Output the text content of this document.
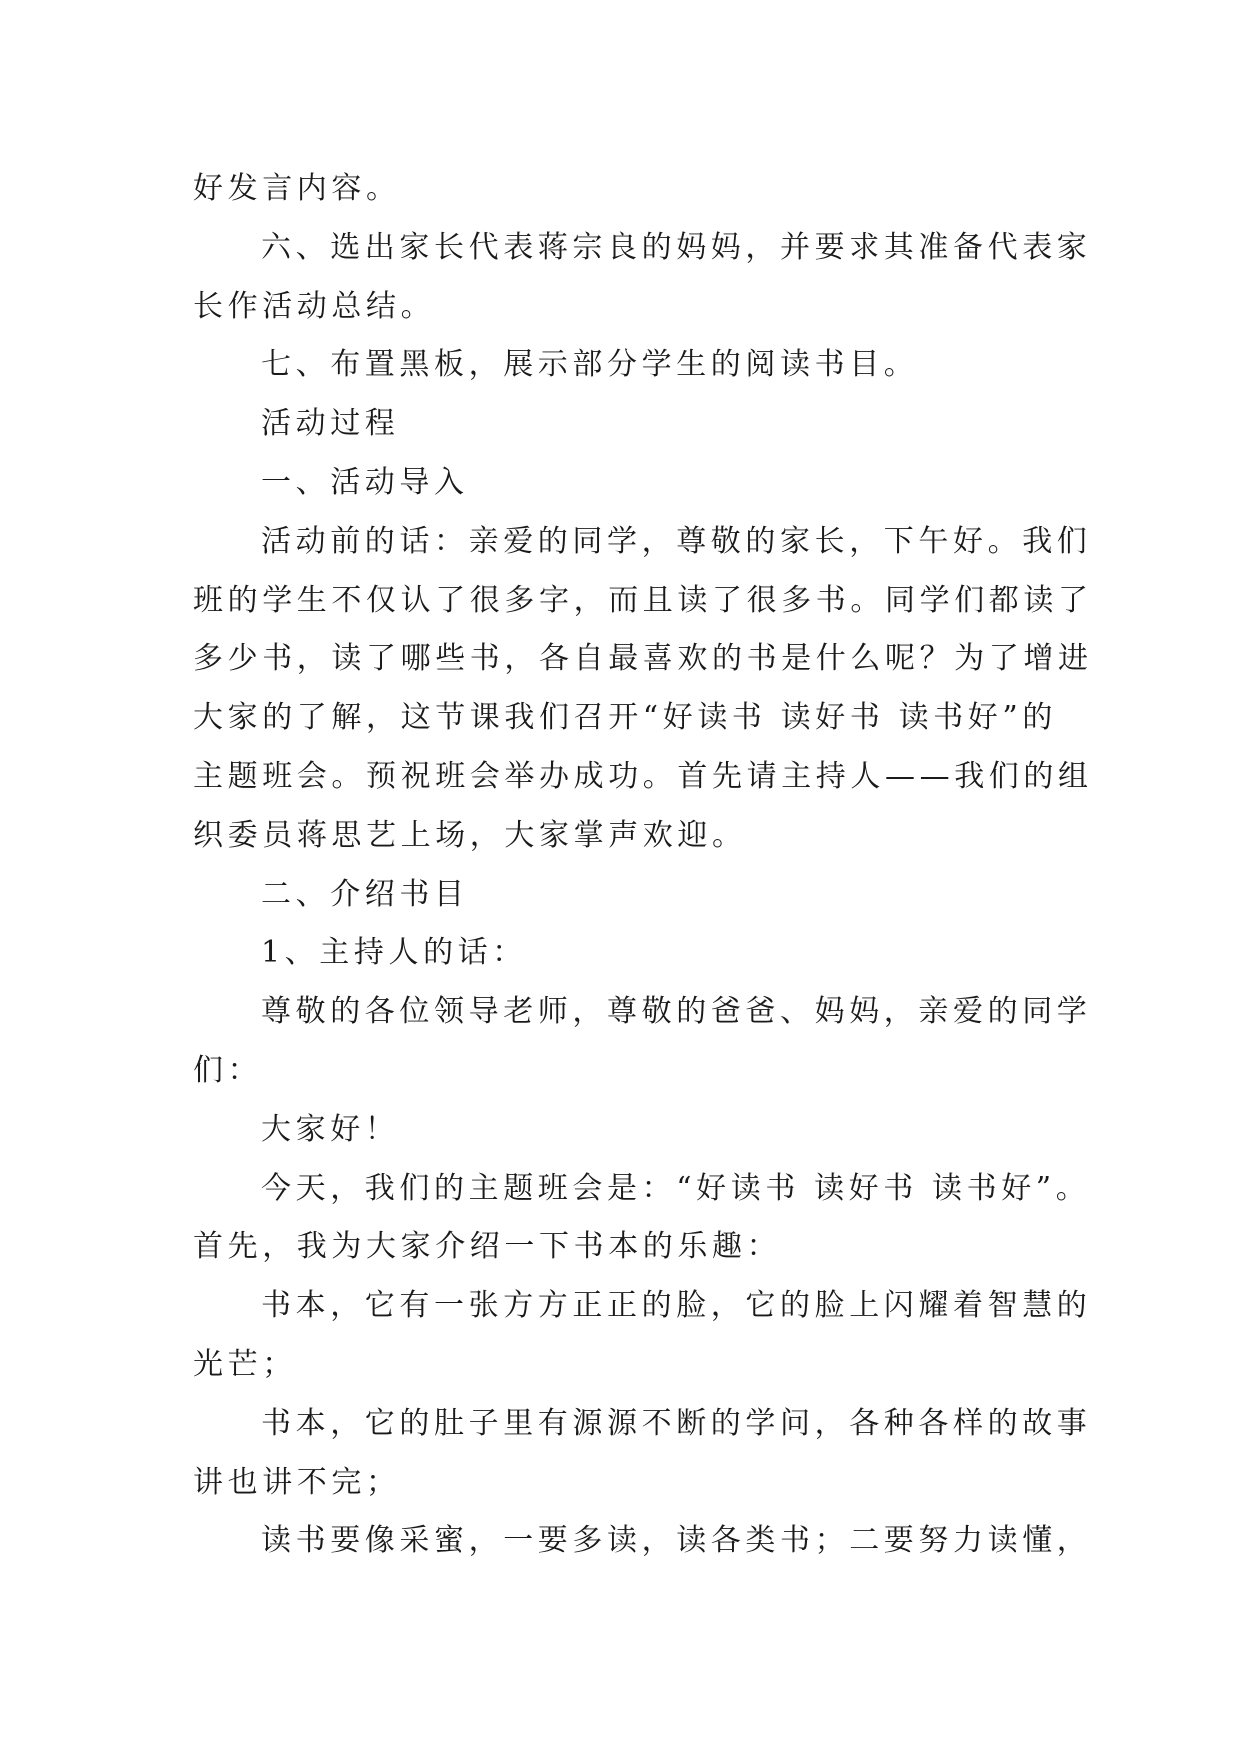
好发言内容。
六、选出家长代表蒋宗良的妈妈，并要求其准备代表家
长作活动总结。
七、布置黑板，展示部分学生的阅读书目。
活动过程
一、活动导入
活动前的话：亲爱的同学，尊敬的家长，下午好。我们
班的学生不仅认了很多字，而且读了很多书。同学们都读了
多少书，读了哪些书，各自最喜欢的书是什么呢？为了增进
大家的了解，这节课我们召开“好读书 读好书 读书好”的
主题班会。预祝班会举办成功。首先请主持人——我们的组
织委员蒋思艺上场，大家掌声欢迎。
二、介绍书目
1、主持人的话：
尊敬的各位领导老师，尊敬的爸爸、妈妈，亲爱的同学
们：
大家好！
今天，我们的主题班会是：“好读书 读好书 读书好”。
首先，我为大家介绍一下书本的乐趣：
书本，它有一张方方正正的脸，它的脸上闪耀着智慧的
光芒；
书本，它的肚子里有源源不断的学问，各种各样的故事
讲也讲不完；
读书要像采蜜，一要多读，读各类书；二要努力读懂，
